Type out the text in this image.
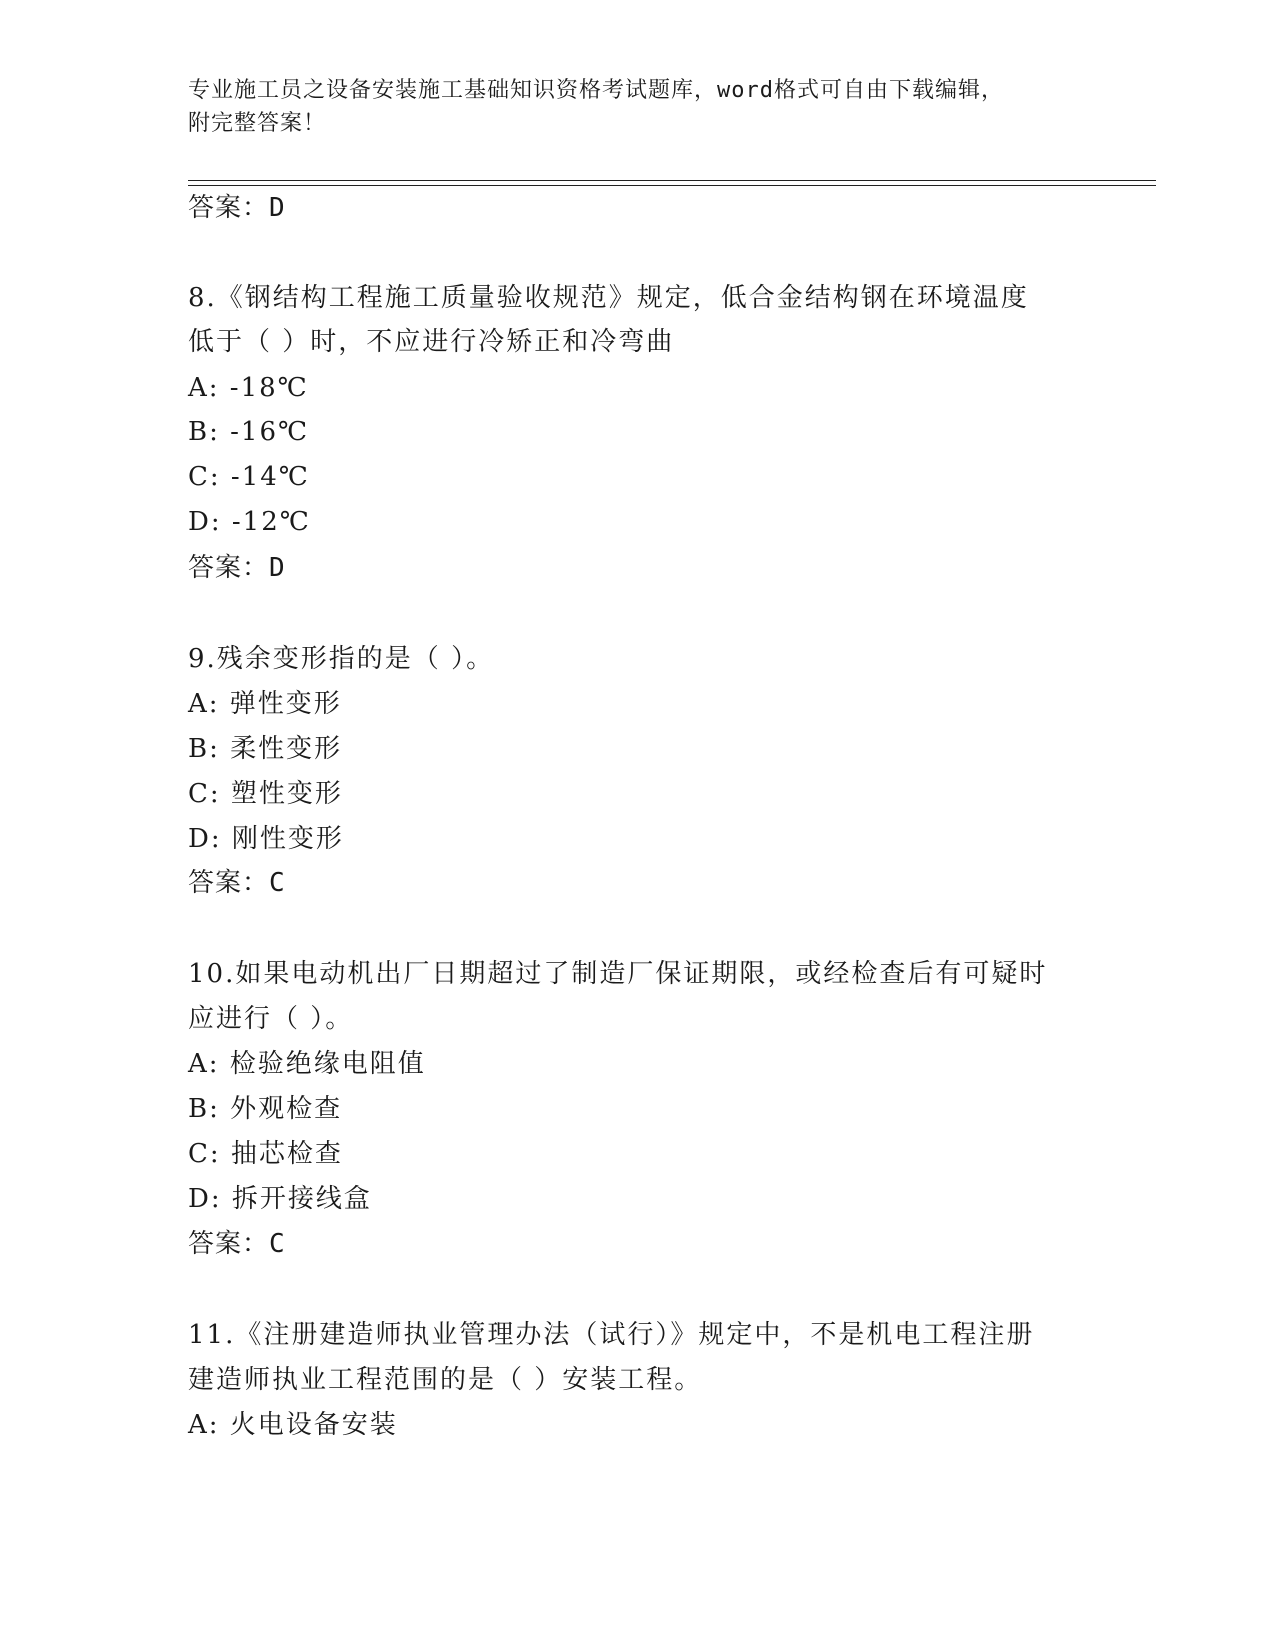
专业施工员之设备安装施工基础知识资格考试题库，word格式可自由下载编辑，
附完整答案！
答案：D
8.《钢结构工程施工质量验收规范》规定，低合金结构钢在环境温度
低于（ ）时，不应进行冷矫正和冷弯曲
A: -18℃
B: -16℃
C: -14℃
D: -12℃
答案：D
9.残余变形指的是（ ）。
A: 弹性变形
B: 柔性变形
C: 塑性变形
D: 刚性变形
答案：C
10.如果电动机出厂日期超过了制造厂保证期限，或经检查后有可疑时
应进行（ ）。
A: 检验绝缘电阻值
B: 外观检查
C: 抽芯检查
D: 拆开接线盒
答案：C
11.《注册建造师执业管理办法（试行）》规定中，不是机电工程注册
建造师执业工程范围的是（ ）安装工程。
A: 火电设备安装
